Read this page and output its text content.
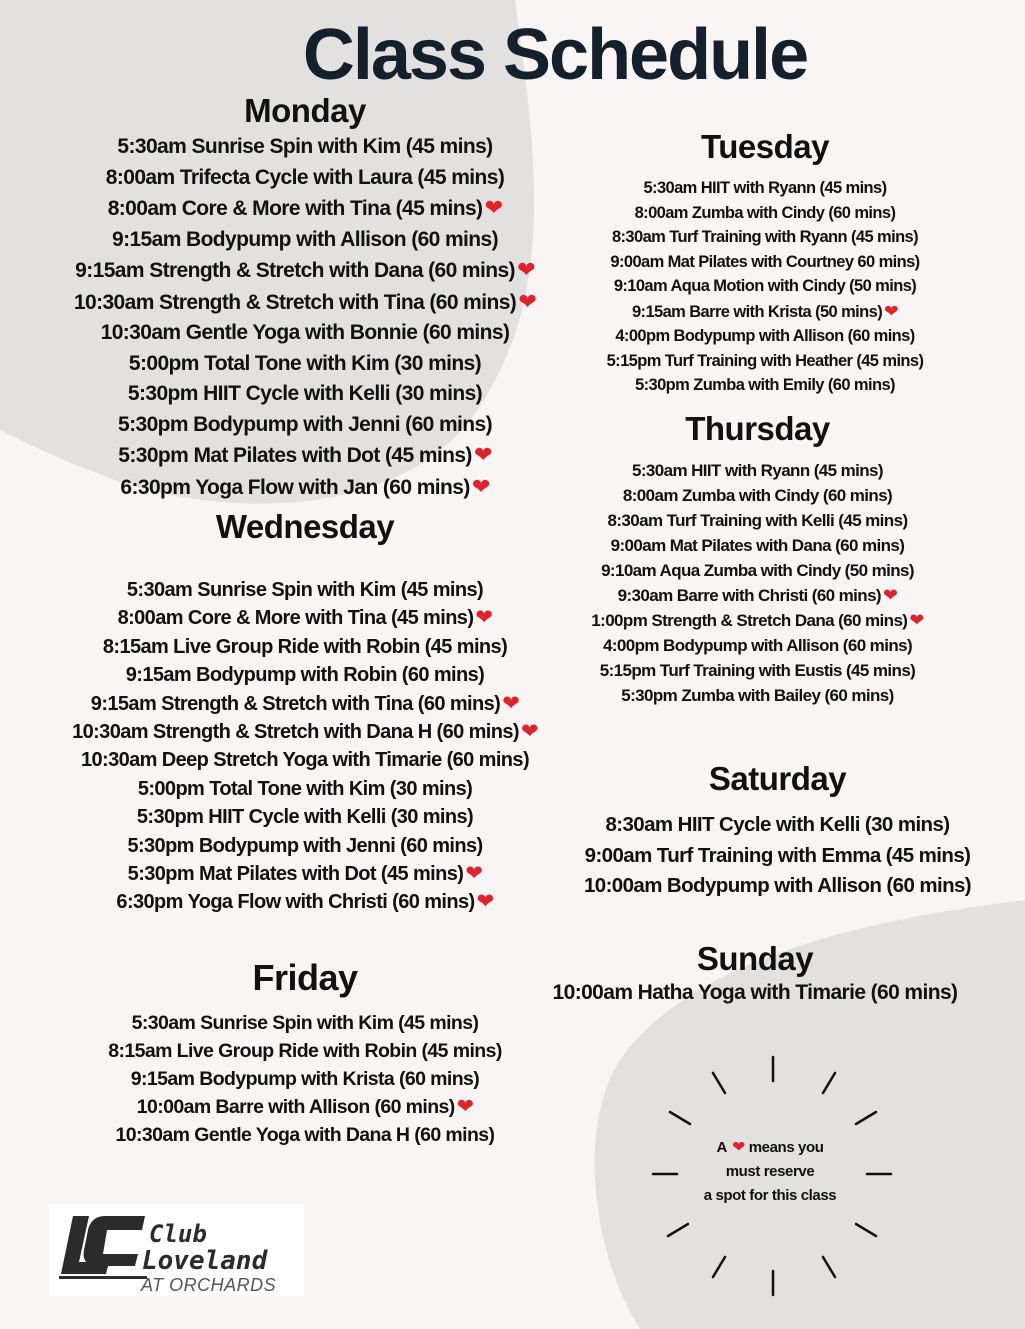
Class Schedule
Monday
5:30am Sunrise Spin with Kim (45 mins)
8:00am Trifecta Cycle with Laura (45 mins)
8:00am Core & More with Tina (45 mins)❤
9:15am Bodypump with Allison (60 mins)
9:15am Strength & Stretch with Dana (60 mins)❤
10:30am Strength & Stretch with Tina (60 mins)❤
10:30am Gentle Yoga with Bonnie (60 mins)
5:00pm Total Tone with Kim (30 mins)
5:30pm HIIT Cycle with Kelli (30 mins)
5:30pm Bodypump with Jenni (60 mins)
5:30pm Mat Pilates with Dot (45 mins)❤
6:30pm Yoga Flow with Jan (60 mins)❤
Tuesday
5:30am HIIT with Ryann (45 mins)
8:00am Zumba with Cindy (60 mins)
8:30am Turf Training with Ryann (45 mins)
9:00am Mat Pilates with Courtney 60 mins)
9:10am Aqua Motion with Cindy (50 mins)
9:15am Barre with Krista (50 mins) ❤
4:00pm Bodypump with Allison (60 mins)
5:15pm Turf Training with Heather (45 mins)
5:30pm Zumba with Emily (60 mins)
Thursday
5:30am HIIT with Ryann (45 mins)
8:00am Zumba with Cindy (60 mins)
8:30am Turf Training with Kelli (45 mins)
9:00am Mat Pilates with Dana (60 mins)
9:10am Aqua Zumba with Cindy (50 mins)
9:30am Barre with Christi (60 mins) ❤
1:00pm Strength & Stretch Dana (60 mins) ❤
4:00pm Bodypump with Allison (60 mins)
5:15pm Turf Training with Eustis (45 mins)
5:30pm Zumba with Bailey (60 mins)
Wednesday
5:30am Sunrise Spin with Kim (45 mins)
8:00am Core & More with Tina (45 mins)❤
8:15am Live Group Ride with Robin (45 mins)
9:15am Bodypump with Robin (60 mins)
9:15am Strength & Stretch with Tina (60 mins)❤
10:30am Strength & Stretch with Dana H (60 mins)❤
10:30am Deep Stretch Yoga with Timarie (60 mins)
5:00pm Total Tone with Kim (30 mins)
5:30pm HIIT Cycle with Kelli (30 mins)
5:30pm Bodypump with Jenni (60 mins)
5:30pm Mat Pilates with Dot (45 mins)❤
6:30pm Yoga Flow with Christi (60 mins)❤
Saturday
8:30am HIIT Cycle with Kelli (30 mins)
9:00am Turf Training with Emma (45 mins)
10:00am Bodypump with Allison (60 mins)
Friday
5:30am Sunrise Spin with Kim (45 mins)
8:15am Live Group Ride with Robin (45 mins)
9:15am Bodypump with Krista (60 mins)
10:00am Barre with Allison (60 mins)❤
10:30am Gentle Yoga with Dana H (60 mins)
Sunday
10:00am Hatha Yoga with Timarie (60 mins)
A ❤ means you
must reserve
a spot for this class

Club

Loveland

AT ORCHARDS
